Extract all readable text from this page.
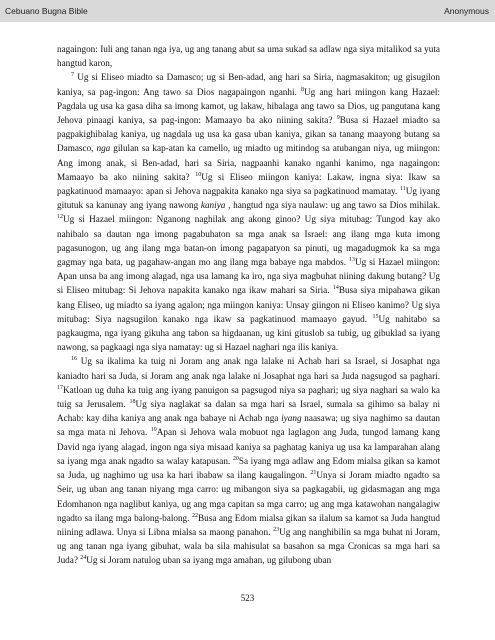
Cebuano Bugna Bible	Anonymous

nagaingon: Iuli ang tanan nga iya, ug ang tanang abut sa uma sukad sa adlaw nga siya mitalikod sa yuta hangtud karon,

$^7$ Ug si Eliseo miadto sa Damasco; ug si Ben-adad, ang hari sa Siria, nagmasakiton; ug gisugilon kaniya, sa pag-ingon: Ang tawo sa Dios nagapaingon nganhi. $^8$Ug ang hari miingon kang Hazael: Pagdala ug usa ka gasa diha sa imong kamot, ug lakaw, hibalaga ang tawo sa Dios, ug pangutana kang Jehova pinaagi kaniya, sa pag-ingon: Mamaayo ba ako niining sakita? $^9$Busa si Hazael miadto sa pagpakighibalag kaniya, ug nagdala ug usa ka gasa uban kaniya, gikan sa tanang maayong butang sa Damasco, nga gilulan sa kap-atan ka camello, ug miadto ug mitindog sa atubangan niya, ug miingon: Ang imong anak, si Ben-adad, hari sa Siria, nagpaanhi kanako nganhi kanimo, nga nagaingon: Mamaayo ba ako niining sakita? $^{10}$Ug si Eliseo miingon kaniya: Lakaw, ingna siya: Ikaw sa pagkatinuod mamaayo: apan si Jehova nagpakita kanako nga siya sa pagkatinuod mamatay. $^{11}$Ug iyang gitutuk sa kanunay ang iyang nawong kaniya , hangtud nga siya naulaw: ug ang tawo sa Dios mihilak. $^{12}$Ug si Hazael miingon: Nganong naghilak ang akong ginoo? Ug siya mitubag: Tungod kay ako nahibalo sa dautan nga imong pagabuhaton sa mga anak sa Israel: ang ilang mga kuta imong pagasunogon, ug ang ilang mga batan-on imong pagapatyon sa pinuti, ug magadugmok ka sa mga gagmay nga bata, ug pagahaw-angan mo ang ilang mga babaye nga mabdos. $^{13}$Ug si Hazael miingon: Apan unsa ba ang imong alagad, nga usa lamang ka iro, nga siya magbuhat niining dakung butang? Ug si Eliseo mitubag: Si Jehova napakita kanako nga ikaw mahari sa Siria. $^{14}$Busa siya mipahawa gikan kang Eliseo, ug miadto sa iyang agalon; nga miingon kaniya: Unsay giingon ni Eliseo kanimo? Ug siya mitubag: Siya nagsugilon kanako nga ikaw sa pagkatinuod mamaayo gayud. $^{15}$Ug nahitabo sa pagkaugma, nga iyang gikuha ang tabon sa higdaanan, ug kini gituslob sa tubig, ug gibuklad sa iyang nawong, sa pagkaagi nga siya namatay: ug si Hazael naghari nga ilis kaniya.

$^{16}$ Ug sa ikalima ka tuig ni Joram ang anak nga lalake ni Achab hari sa Israel, si Josaphat nga kaniadto hari sa Juda, si Joram ang anak nga lalake ni Josaphat nga hari sa Juda nagsugod sa paghari. $^{17}$Katloan ug duha ka tuig ang iyang panuigon sa pagsugod niya sa paghari; ug siya naghari sa walo ka tuig sa Jerusalem. $^{18}$Ug siya naglakat sa dalan sa mga hari sa Israel, sumala sa gihimo sa balay ni Achab: kay diha kaniya ang anak nga babaye ni Achab nga iyang naasawa; ug siya naghimo sa dautan sa mga mata ni Jehova. $^{19}$Apan si Jehova wala mobuot nga laglagon ang Juda, tungod lamang kang David nga iyang alagad, ingon nga siya misaad kaniya sa paghatag kaniya ug usa ka lamparahan alang sa iyang mga anak ngadto sa walay katapusan. $^{20}$Sa iyang mga adlaw ang Edom mialsa gikan sa kamot sa Juda, ug naghimo ug usa ka hari ibabaw sa ilang kaugalingon. $^{21}$Unya si Joram miadto ngadto sa Seir, ug uban ang tanan niyang mga carro: ug mibangon siya sa pagkagabii, ug gidasmagan ang mga Edomhanon nga naglibut kaniya, ug ang mga capitan sa mga carro; ug ang mga katawohan nangalagiw ngadto sa ilang mga balong-balong. $^{22}$Busa ang Edom mialsa gikan sa ilalum sa kamot sa Juda hangtud niining adlawa. Unya si Libna mialsa sa maong panahon. $^{23}$Ug ang nanghibilin sa mga buhat ni Joram, ug ang tanan nga iyang gibuhat, wala ba sila mahisulat sa basahon sa mga Cronicas sa mga hari sa Juda? $^{24}$Ug si Joram natulog uban sa iyang mga amahan, ug gilubong uban

523
